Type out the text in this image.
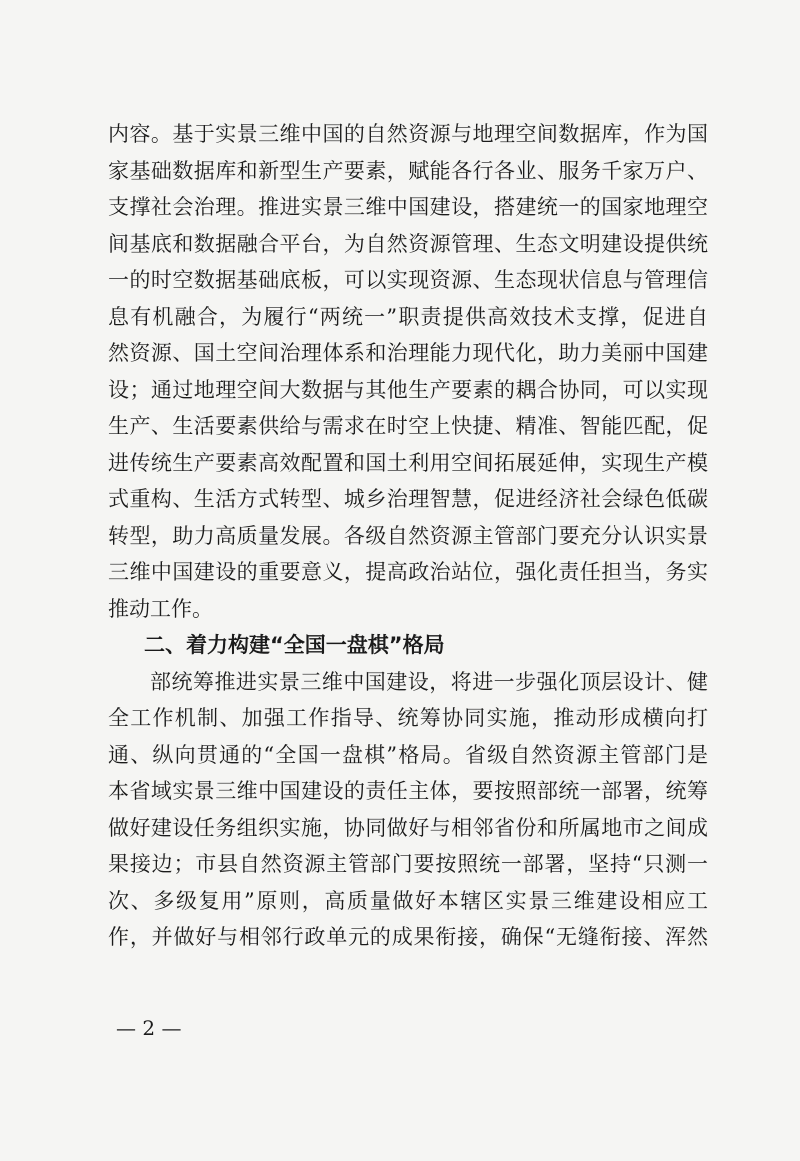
内容。基于实景三维中国的自然资源与地理空间数据库，作为国
家基础数据库和新型生产要素，赋能各行各业、服务千家万户、
支撑社会治理。推进实景三维中国建设，搭建统一的国家地理空
间基底和数据融合平台，为自然资源管理、生态文明建设提供统
一的时空数据基础底板，可以实现资源、生态现状信息与管理信
息有机融合，为履行“两统一”职责提供高效技术支撑，促进自
然资源、国土空间治理体系和治理能力现代化，助力美丽中国建
设；通过地理空间大数据与其他生产要素的耦合协同，可以实现
生产、生活要素供给与需求在时空上快捷、精准、智能匹配，促
进传统生产要素高效配置和国土利用空间拓展延伸，实现生产模
式重构、生活方式转型、城乡治理智慧，促进经济社会绿色低碳
转型，助力高质量发展。各级自然资源主管部门要充分认识实景
三维中国建设的重要意义，提高政治站位，强化责任担当，务实
推动工作。
二、着力构建“全国一盘棋”格局
部统筹推进实景三维中国建设，将进一步强化顶层设计、健
全工作机制、加强工作指导、统筹协同实施，推动形成横向打
通、纵向贯通的“全国一盘棋”格局。省级自然资源主管部门是
本省域实景三维中国建设的责任主体，要按照部统一部署，统筹
做好建设任务组织实施，协同做好与相邻省份和所属地市之间成
果接边；市县自然资源主管部门要按照统一部署，坚持“只测一
次、多级复用”原则，高质量做好本辖区实景三维建设相应工
作，并做好与相邻行政单元的成果衔接，确保“无缝衔接、浑然
— 2 —
